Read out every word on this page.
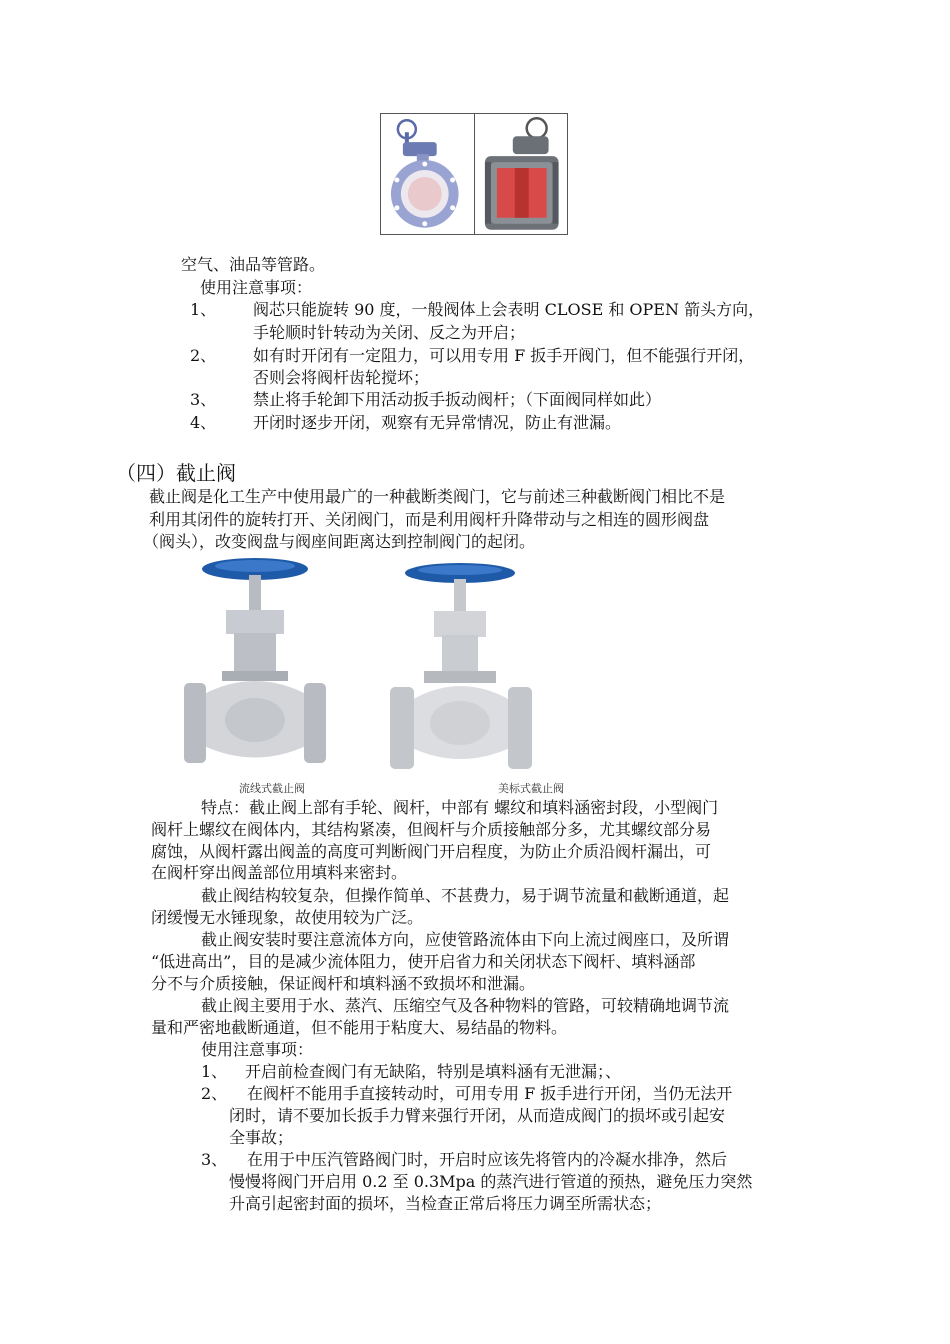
空气、油品等管路。
使用注意事项：
1、 阀芯只能旋转 90 度，一般阀体上会表明 CLOSE 和 OPEN 箭头方向，
手轮顺时针转动为关闭、反之为开启；
2、 如有时开闭有一定阻力，可以用专用 F 扳手开阀门，但不能强行开闭，
否则会将阀杆齿轮搅坏；
3、 禁止将手轮卸下用活动扳手扳动阀杆；（下面阀同样如此）
4、 开闭时逐步开闭，观察有无异常情况，防止有泄漏。
（四）截止阀
截止阀是化工生产中使用最广的一种截断类阀门，它与前述三种截断阀门相比不是
利用其闭件的旋转打开、关闭阀门，而是利用阀杆升降带动与之相连的圆形阀盘
（阀头），改变阀盘与阀座间距离达到控制阀门的起闭。
流线式截止阀	美标式截止阀
特点：截止阀上部有手轮、阀杆，中部有 螺纹和填料涵密封段，小型阀门
阀杆上螺纹在阀体内，其结构紧凑，但阀杆与介质接触部分多，尤其螺纹部分易
腐蚀，从阀杆露出阀盖的高度可判断阀门开启程度，为防止介质沿阀杆漏出，可
在阀杆穿出阀盖部位用填料来密封。
截止阀结构较复杂，但操作简单、不甚费力，易于调节流量和截断通道，起
闭缓慢无水锤现象，故使用较为广泛。
截止阀安装时要注意流体方向，应使管路流体由下向上流过阀座口，及所谓
“低进高出”，目的是减少流体阻力，使开启省力和关闭状态下阀杆、填料涵部
分不与介质接触，保证阀杆和填料涵不致损坏和泄漏。
截止阀主要用于水、蒸汽、压缩空气及各种物料的管路，可较精确地调节流
量和严密地截断通道，但不能用于粘度大、易结晶的物料。
使用注意事项：
1、 开启前检查阀门有无缺陷，特别是填料涵有无泄漏；、
2、 在阀杆不能用手直接转动时，可用专用 F 扳手进行开闭，当仍无法开
闭时，请不要加长扳手力臂来强行开闭，从而造成阀门的损坏或引起安
全事故；
3、 在用于中压汽管路阀门时，开启时应该先将管内的冷凝水排净，然后
慢慢将阀门开启用 0.2 至 0.3Mpa 的蒸汽进行管道的预热，避免压力突然
升高引起密封面的损坏，当检查正常后将压力调至所需状态；
